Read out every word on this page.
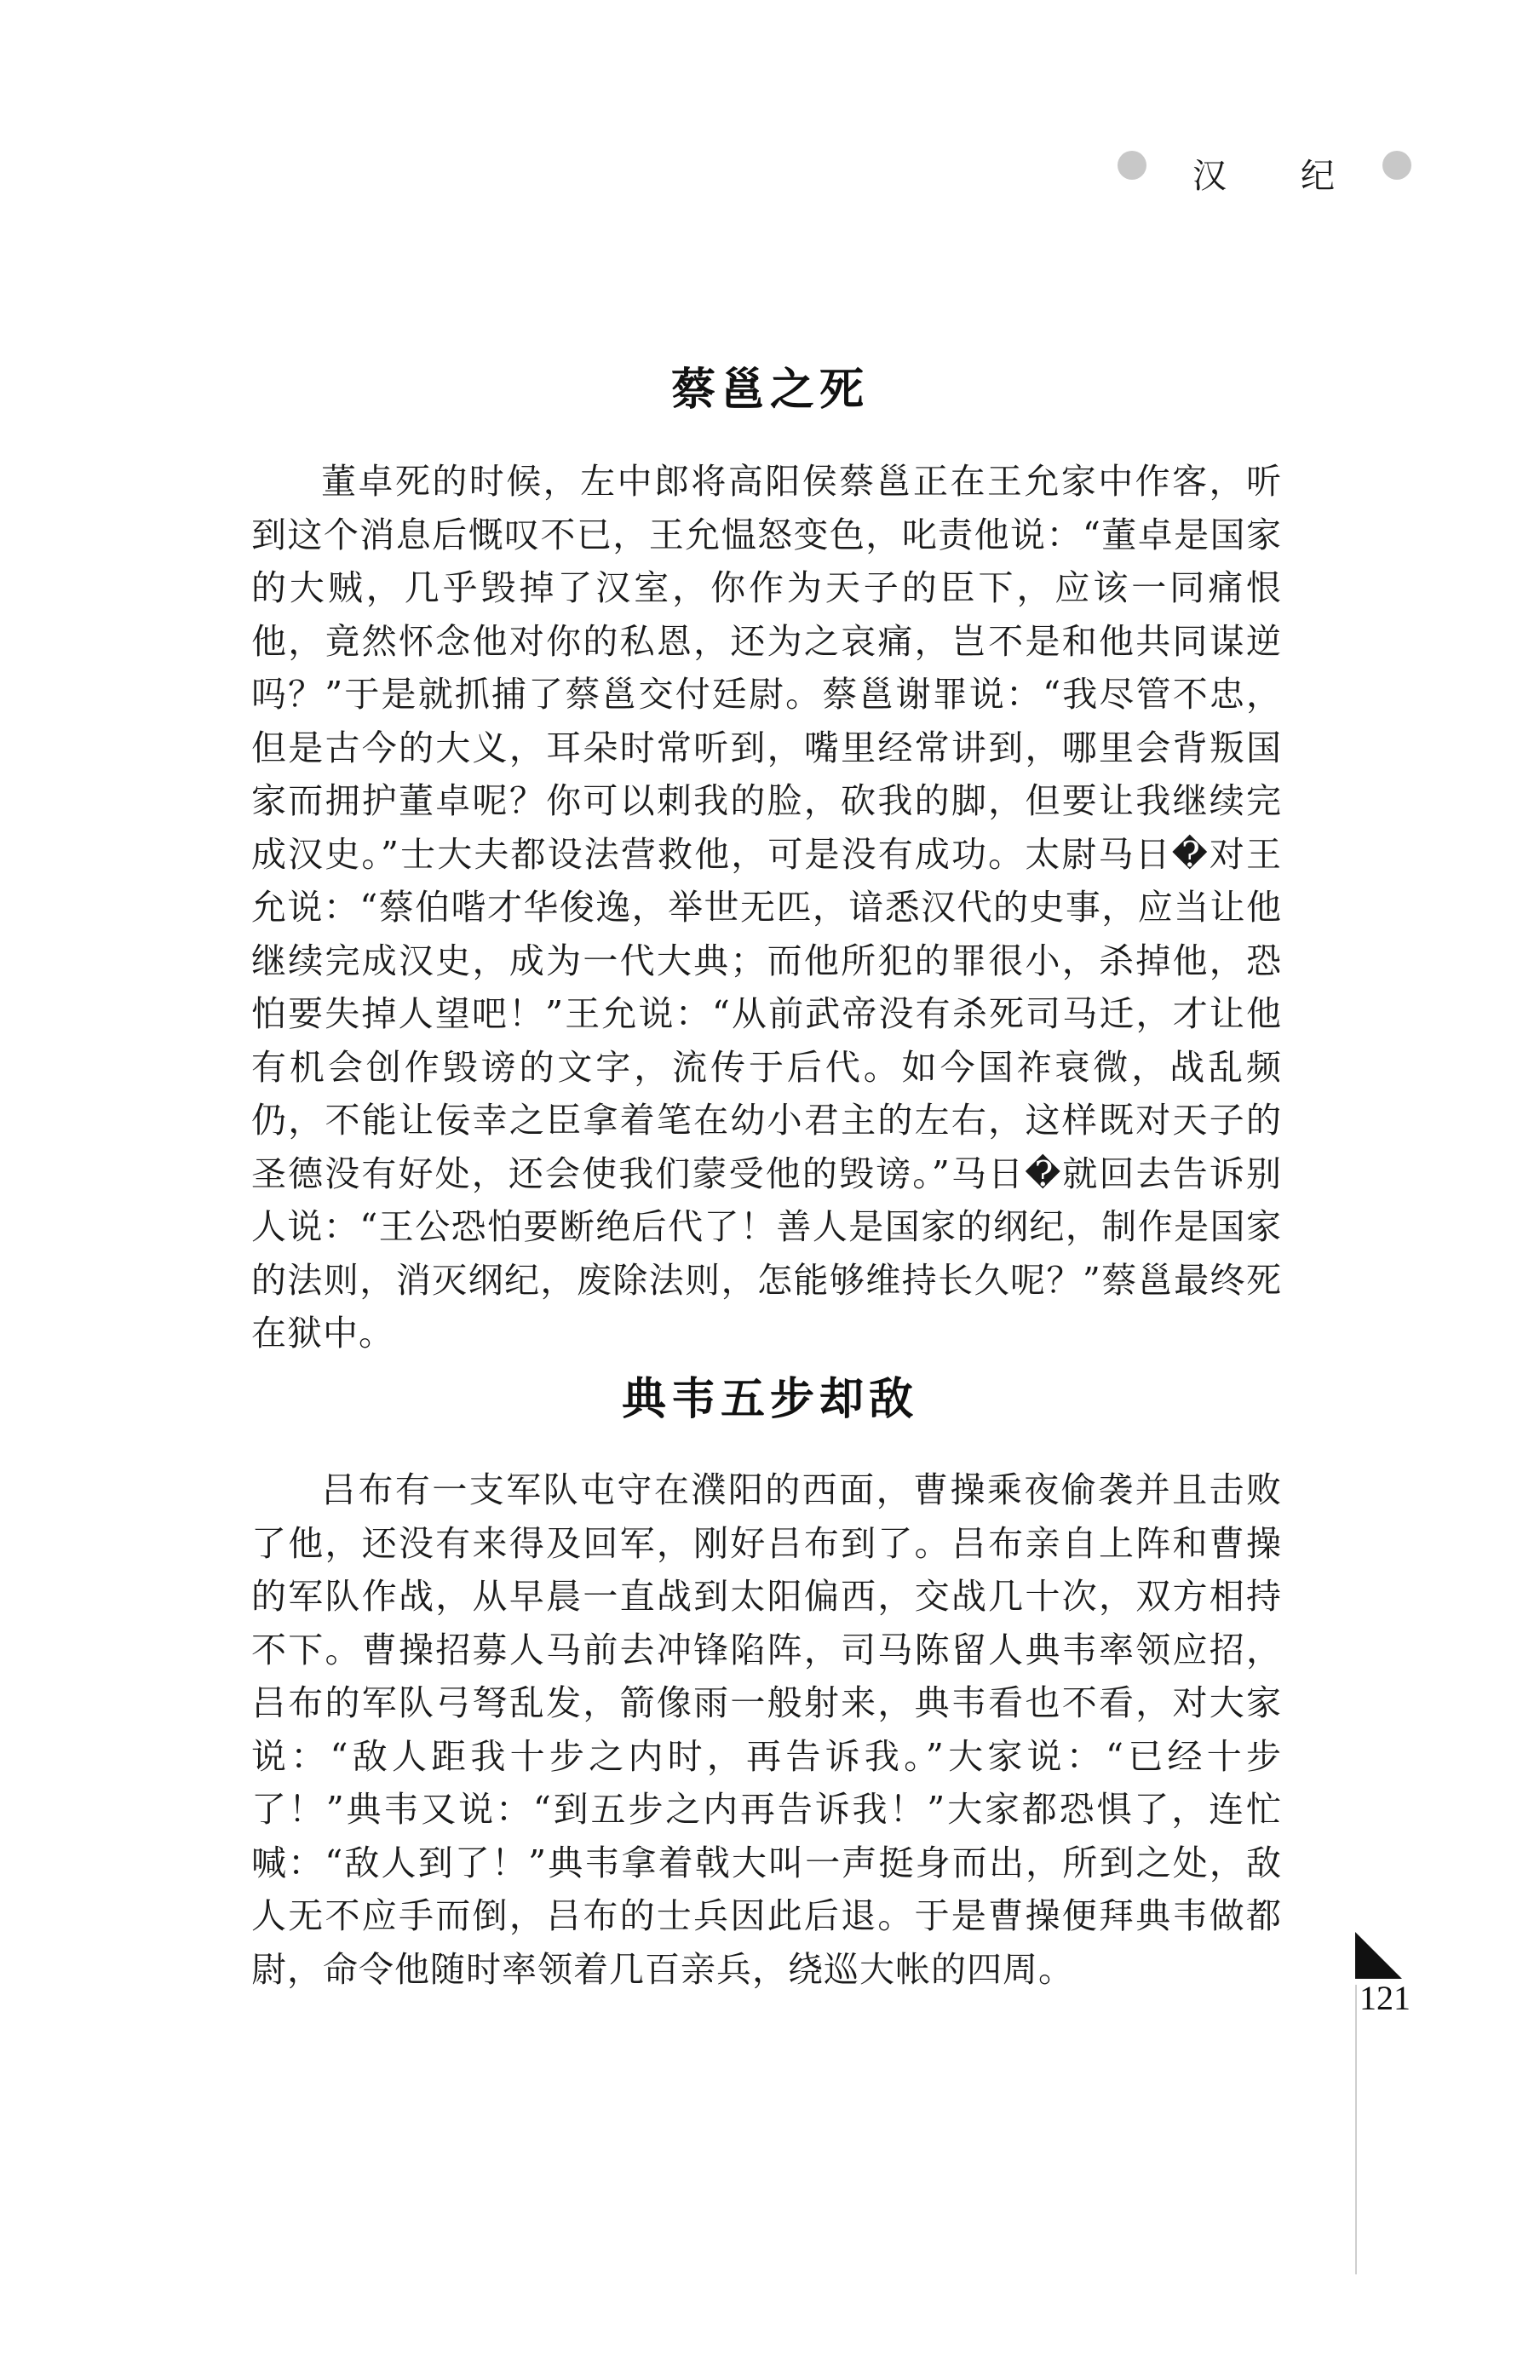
汉 纪
蔡邕之死

董卓死的时候，左中郎将高阳侯蔡邕正在王允家中作客，听到这个消息后慨叹不已，王允愠怒变色，叱责他说：“董卓是国家的大贼，几乎毁掉了汉室，你作为天子的臣下，应该一同痛恨他，竟然怀念他对你的私恩，还为之哀痛，岂不是和他共同谋逆吗？”于是就抓捕了蔡邕交付廷尉。蔡邕谢罪说：“我尽管不忠，但是古今的大义，耳朵时常听到，嘴里经常讲到，哪里会背叛国家而拥护董卓呢？你可以刺我的脸，砍我的脚，但要让我继续完成汉史。”士大夫都设法营救他，可是没有成功。太尉马日�对王允说：“蔡伯喈才华俊逸，举世无匹，谙悉汉代的史事，应当让他继续完成汉史，成为一代大典；而他所犯的罪很小，杀掉他，恐怕要失掉人望吧！”王允说：“从前武帝没有杀死司马迁，才让他有机会创作毁谤的文字，流传于后代。如今国祚衰微，战乱频仍，不能让佞幸之臣拿着笔在幼小君主的左右，这样既对天子的圣德没有好处，还会使我们蒙受他的毁谤。”马日�就回去告诉别人说：“王公恐怕要断绝后代了！善人是国家的纲纪，制作是国家的法则，消灭纲纪，废除法则，怎能够维持长久呢？”蔡邕最终死在狱中。

典韦五步却敌

吕布有一支军队屯守在濮阳的西面，曹操乘夜偷袭并且击败了他，还没有来得及回军，刚好吕布到了。吕布亲自上阵和曹操的军队作战，从早晨一直战到太阳偏西，交战几十次，双方相持不下。曹操招募人马前去冲锋陷阵，司马陈留人典韦率领应招，吕布的军队弓弩乱发，箭像雨一般射来，典韦看也不看，对大家说：“敌人距我十步之内时，再告诉我。”大家说：“已经十步了！”典韦又说：“到五步之内再告诉我！”大家都恐惧了，连忙喊：“敌人到了！”典韦拿着戟大叫一声挺身而出，所到之处，敌人无不应手而倒，吕布的士兵因此后退。于是曹操便拜典韦做都尉，命令他随时率领着几百亲兵，绕巡大帐的四周。

121
